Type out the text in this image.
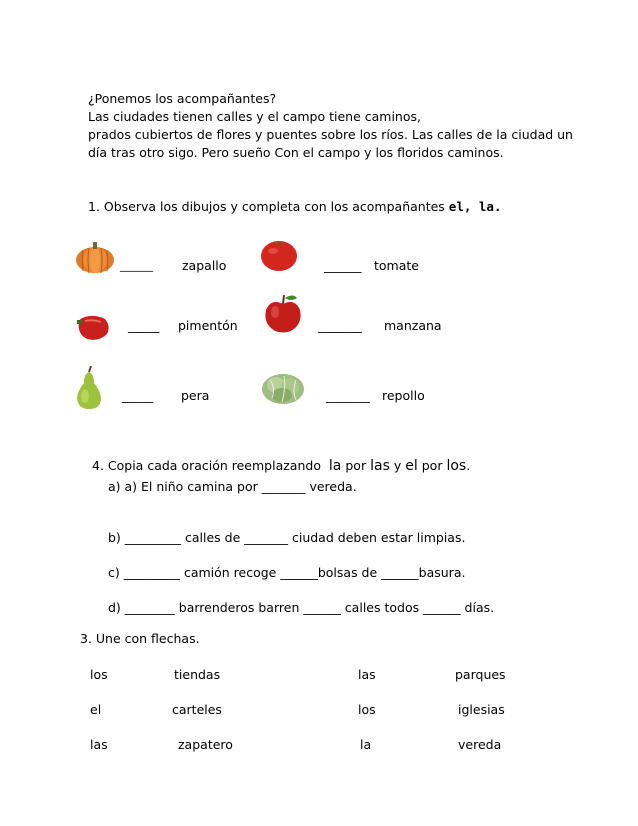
¿Ponemos los acompañantes?
Las ciudades tienen calles y el campo tiene caminos,
prados cubiertos de flores y puentes sobre los ríos. Las calles de la ciudad un
día tras otro sigo. Pero sueño Con el campo y los floridos caminos.
1. Observa los dibujos y completa con los acompañantes el, la.
______ zapallo	______ tomate
_____ pimentón	_______ manzana
_____ pera	_______ repollo
4. Copia cada oración reemplazando la por las y el por los.
a) a) El niño camina por _______ vereda.
b) _________ calles de _______ ciudad deben estar limpias.
c) _________ camión recoge ______bolsas de ______basura.
d) ________ barrenderos barren ______ calles todos ______ días.
3. Une con flechas.
los	tiendas	las	parques
el	carteles	los	iglesias
las	zapatero	la	vereda
